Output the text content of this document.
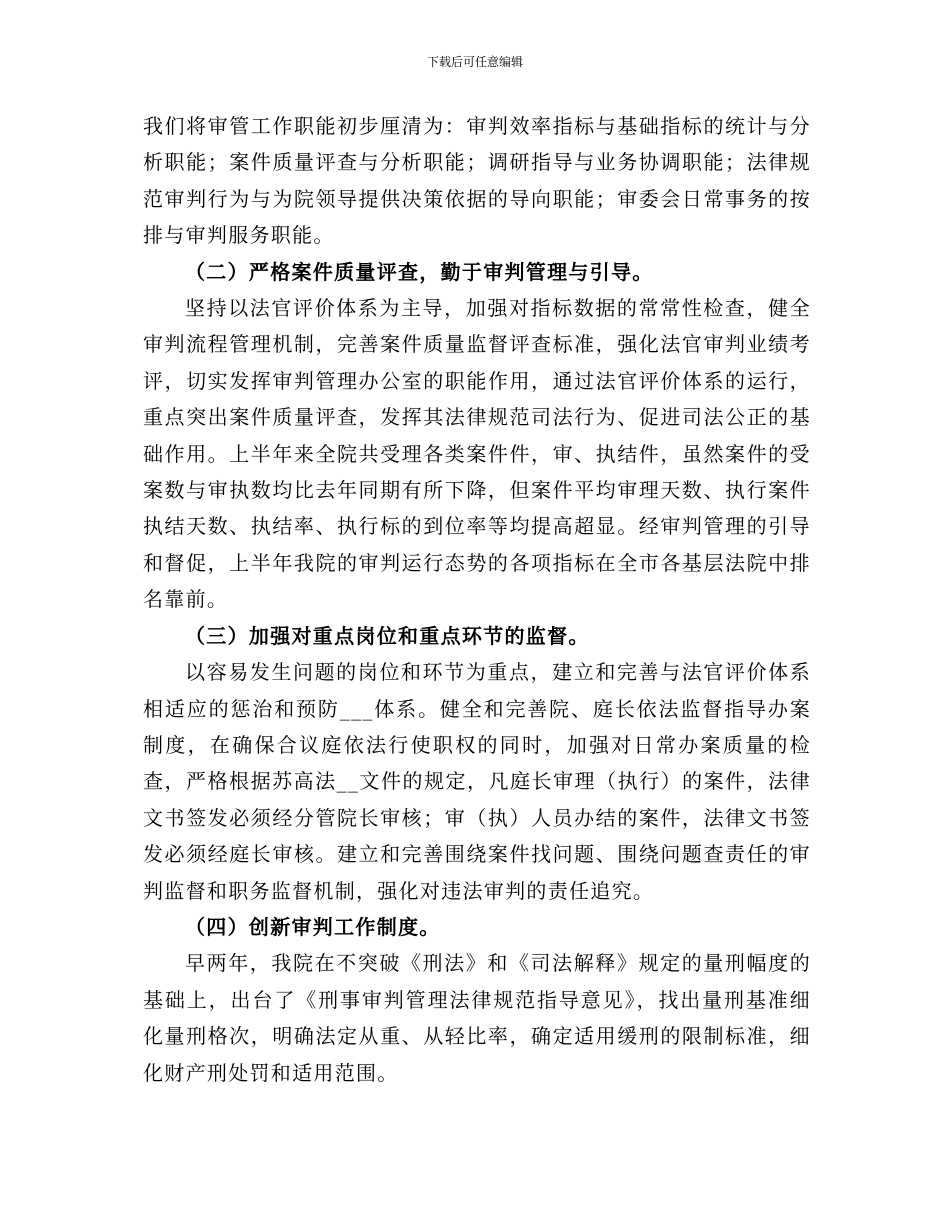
下载后可任意编辑

我们将审管工作职能初步厘清为：审判效率指标与基础指标的统计与分析职能；案件质量评查与分析职能；调研指导与业务协调职能；法律规范审判行为与为院领导提供决策依据的导向职能；审委会日常事务的按排与审判服务职能。

（二）严格案件质量评查，勤于审判管理与引导。

坚持以法官评价体系为主导，加强对指标数据的常常性检查，健全审判流程管理机制，完善案件质量监督评查标准，强化法官审判业绩考评，切实发挥审判管理办公室的职能作用，通过法官评价体系的运行，重点突出案件质量评查，发挥其法律规范司法行为、促进司法公正的基础作用。上半年来全院共受理各类案件件，审、执结件，虽然案件的受案数与审执数均比去年同期有所下降，但案件平均审理天数、执行案件执结天数、执结率、执行标的到位率等均提高超显。经审判管理的引导和督促，上半年我院的审判运行态势的各项指标在全市各基层法院中排名靠前。

（三）加强对重点岗位和重点环节的监督。

以容易发生问题的岗位和环节为重点，建立和完善与法官评价体系相适应的惩治和预防___体系。健全和完善院、庭长依法监督指导办案制度，在确保合议庭依法行使职权的同时，加强对日常办案质量的检查，严格根据苏高法__文件的规定，凡庭长审理（执行）的案件，法律文书签发必须经分管院长审核；审（执）人员办结的案件，法律文书签发必须经庭长审核。建立和完善围绕案件找问题、围绕问题查责任的审判监督和职务监督机制，强化对违法审判的责任追究。

（四）创新审判工作制度。

早两年，我院在不突破《刑法》和《司法解释》规定的量刑幅度的基础上，出台了《刑事审判管理法律规范指导意见》，找出量刑基准细化量刑格次，明确法定从重、从轻比率，确定适用缓刑的限制标准，细化财产刑处罚和适用范围。
